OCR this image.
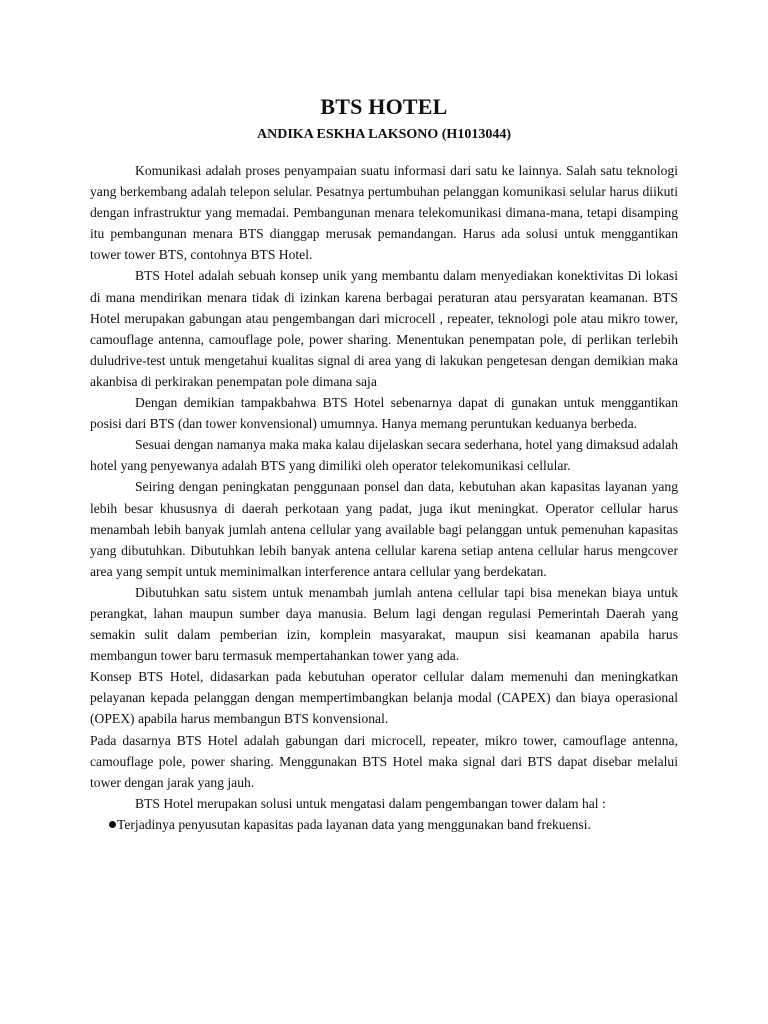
BTS HOTEL
ANDIKA ESKHA LAKSONO (H1013044)

Komunikasi adalah proses penyampaian suatu informasi dari satu ke lainnya. Salah satu teknologi yang berkembang adalah telepon selular. Pesatnya pertumbuhan pelanggan komunikasi selular harus diikuti dengan infrastruktur yang memadai. Pembangunan menara telekomunikasi dimana-mana, tetapi disamping itu pembangunan menara BTS dianggap merusak pemandangan. Harus ada solusi untuk menggantikan tower tower BTS, contohnya BTS Hotel.

BTS Hotel adalah sebuah konsep unik yang membantu dalam menyediakan konektivitas Di lokasi di mana mendirikan menara tidak di izinkan karena berbagai peraturan atau persyaratan keamanan. BTS Hotel merupakan gabungan atau pengembangan dari microcell , repeater, teknologi pole atau mikro tower, camouflage antenna, camouflage pole, power sharing. Menentukan penempatan pole, di perlikan terlebih duludrive-test untuk mengetahui kualitas signal di area yang di lakukan pengetesan dengan demikian maka akanbisa di perkirakan penempatan pole dimana saja

Dengan demikian tampakbahwa BTS Hotel sebenarnya dapat di gunakan untuk menggantikan posisi dari BTS (dan tower konvensional) umumnya. Hanya memang peruntukan keduanya berbeda.

Sesuai dengan namanya maka maka kalau dijelaskan secara sederhana, hotel yang dimaksud adalah hotel yang penyewanya adalah BTS yang dimiliki oleh operator telekomunikasi cellular.

Seiring dengan peningkatan penggunaan ponsel dan data, kebutuhan akan kapasitas layanan yang lebih besar khususnya di daerah perkotaan yang padat, juga ikut meningkat. Operator cellular harus menambah lebih banyak jumlah antena cellular yang available bagi pelanggan untuk pemenuhan kapasitas yang dibutuhkan. Dibutuhkan lebih banyak antena cellular karena setiap antena cellular harus mengcover area yang sempit untuk meminimalkan interference antara cellular yang berdekatan.

Dibutuhkan satu sistem untuk menambah jumlah antena cellular tapi bisa menekan biaya untuk perangkat, lahan maupun sumber daya manusia. Belum lagi dengan regulasi Pemerintah Daerah yang semakin sulit dalam pemberian izin, komplein masyarakat, maupun sisi keamanan apabila harus membangun tower baru termasuk mempertahankan tower yang ada.

Konsep BTS Hotel, didasarkan pada kebutuhan operator cellular dalam memenuhi dan meningkatkan pelayanan kepada pelanggan dengan mempertimbangkan belanja modal (CAPEX) dan biaya operasional (OPEX) apabila harus membangun BTS konvensional.

Pada dasarnya BTS Hotel adalah gabungan dari microcell, repeater, mikro tower, camouflage antenna, camouflage pole, power sharing. Menggunakan BTS Hotel maka signal dari BTS dapat disebar melalui tower dengan jarak yang jauh.

BTS Hotel merupakan solusi untuk mengatasi dalam pengembangan tower dalam hal :

Terjadinya penyusutan kapasitas pada layanan data yang menggunakan band frekuensi.
